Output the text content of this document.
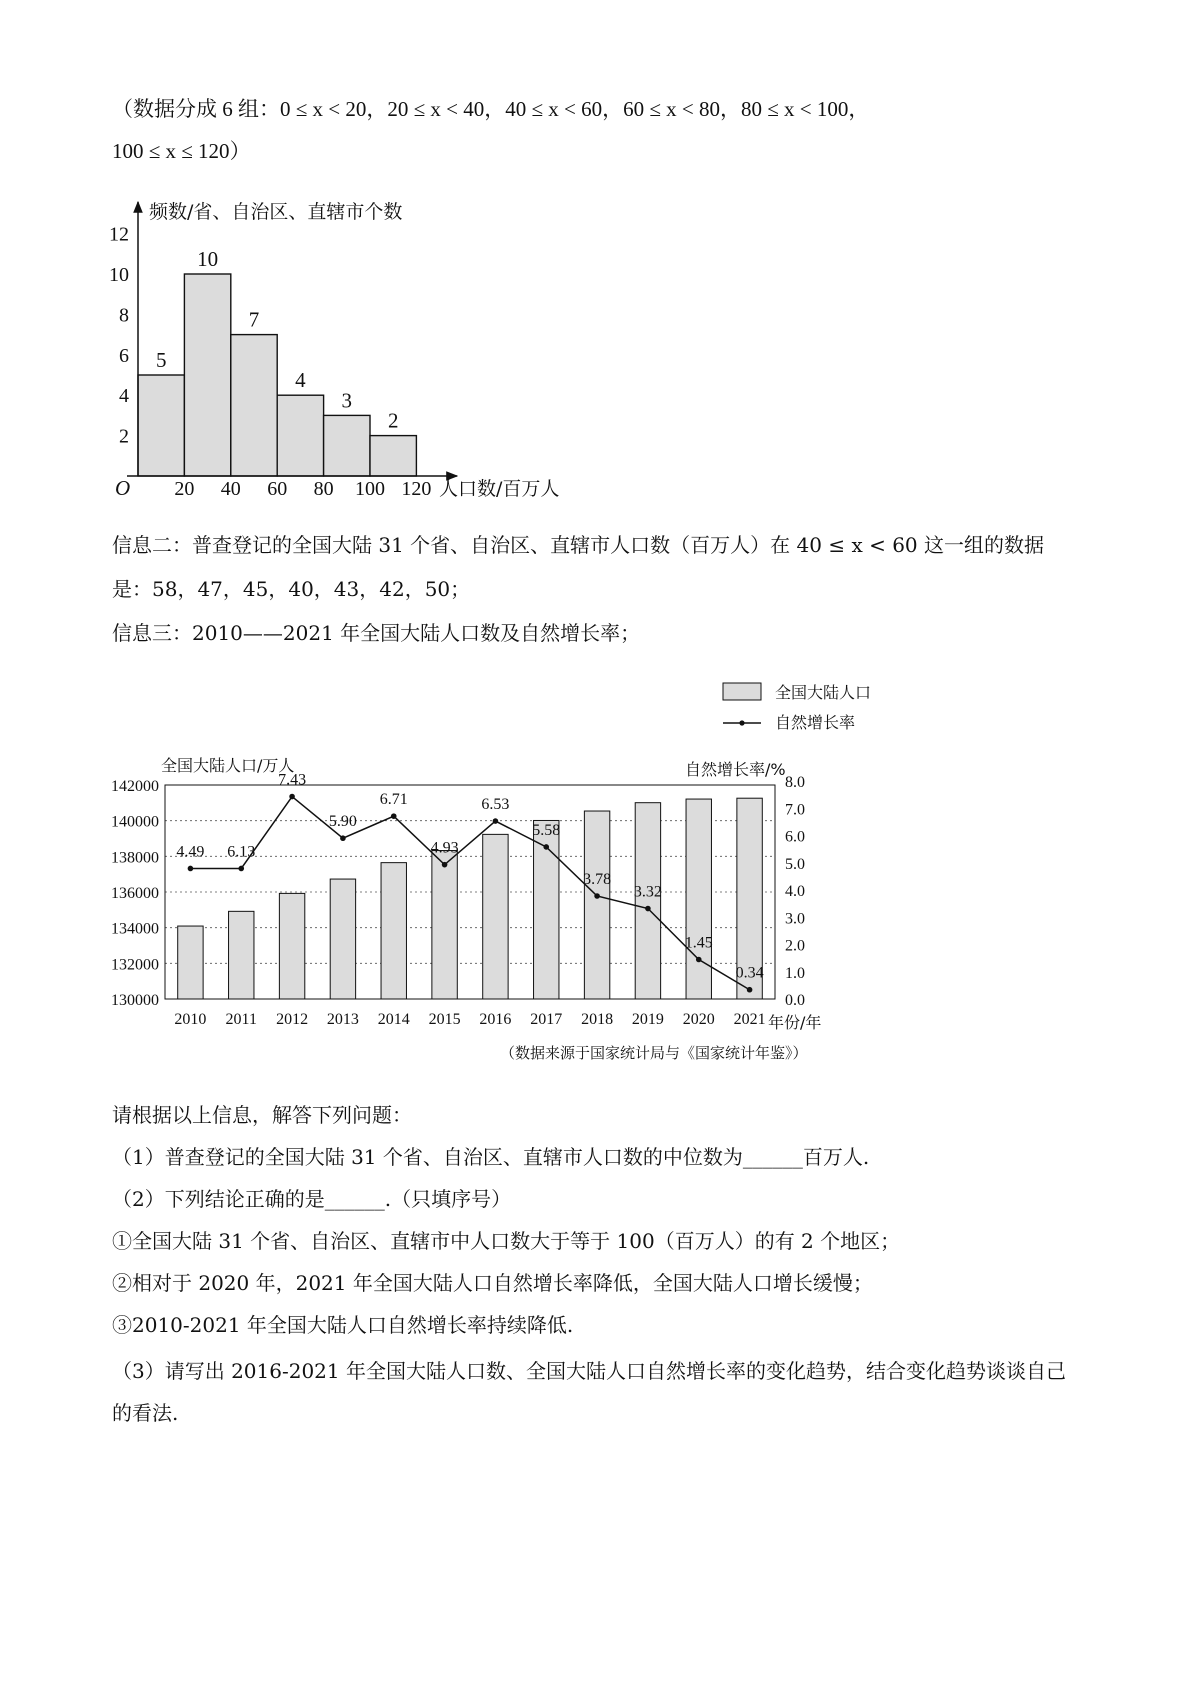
（数据分成 6 组：0 ≤ x < 20，20 ≤ x < 40，40 ≤ x < 60，60 ≤ x < 80，80 ≤ x < 100，
100 ≤ x ≤ 120）
5
10
7
4
3
2
频数/省、自治区、直辖市个数
人口数/百万人
O
2
4
6
8
10
12
20 40 60 80 100 120
信息二：普查登记的全国大陆 31 个省、自治区、直辖市人口数（百万人）在 40 ≤ x < 60 这一组的数据
是：58，47，45，40，43，42，50；
信息三：2010——2021 年全国大陆人口数及自然增长率；
全国大陆人口
自然增长率
全国大陆人口/万人	自然增长率/%
4.49 6.13
7.43
5.90
6.71
4.93
6.53
5.58
3.78
3.32
1.45
0.34
130000
132000
134000
136000
138000
140000
142000
0.0
1.0
2.0
3.0
4.0
5.0
6.0
7.0
8.0
2010 2011 2012 2013 2014 2015 2016 2017 2018 2019 2020 2021 年份/年
（数据来源于国家统计局与《国家统计年鉴》）
请根据以上信息，解答下列问题：
（1）普查登记的全国大陆 31 个省、自治区、直辖市人口数的中位数为______百万人.
（2）下列结论正确的是______.（只填序号）
①全国大陆 31 个省、自治区、直辖市中人口数大于等于 100（百万人）的有 2 个地区；
②相对于 2020 年，2021 年全国大陆人口自然增长率降低，全国大陆人口增长缓慢；
③2010-2021 年全国大陆人口自然增长率持续降低.
（3）请写出 2016-2021 年全国大陆人口数、全国大陆人口自然增长率的变化趋势，结合变化趋势谈谈自己
的看法.
